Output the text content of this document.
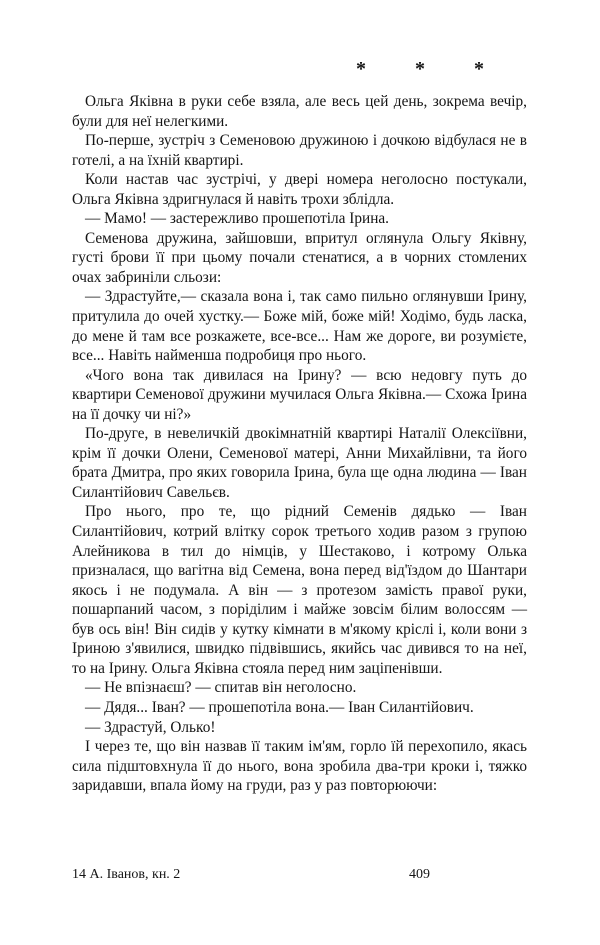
* * *

Ольга Яківна в руки себе взяла, але весь цей день, зокрема вечір, були для неї нелегкими.

По-перше, зустріч з Семеновою дружиною і дочкою відбулася не в готелі, а на їхній квартирі.

Коли настав час зустрічі, у двері номера неголосно постукали, Ольга Яківна здригнулася й навіть трохи зблідла.

— Мамо! — застережливо прошепотіла Ірина.

Семенова дружина, зайшовши, впритул оглянула Ольгу Яківну, густі брови її при цьому почали стенатися, а в чорних стомлених очах забриніли сльози:

— Здрастуйте,— сказала вона і, так само пильно оглянувши Ірину, притулила до очей хустку.— Боже мій, боже мій! Ходімо, будь ласка, до мене й там все розкажете, все-все... Нам же дороге, ви розумієте, все... Навіть найменша подробиця про нього.

«Чого вона так дивилася на Ірину? — всю недовгу путь до квартири Семенової дружини мучилася Ольга Яківна.— Схожа Ірина на її дочку чи ні?»

По-друге, в невеличкій двокімнатній квартирі Наталії Олексіївни, крім її дочки Олени, Семенової матері, Анни Михайлівни, та його брата Дмитра, про яких говорила Ірина, була ще одна людина — Іван Силантійович Савельєв.

Про нього, про те, що рідний Семенів дядько — Іван Силантійович, котрий влітку сорок третього ходив разом з групою Алейникова в тил до німців, у Шестаково, і котрому Олька призналася, що вагітна від Семена, вона перед від'їздом до Шантари якось і не подумала. А він — з протезом замість правої руки, пошарпаний часом, з порідiлим і майже зовсім білим волоссям — був ось він! Він сидів у кутку кімнати в м'якому кріслі і, коли вони з Іриною з'явилися, швидко підвівшись, якийсь час дивився то на неї, то на Ірину. Ольга Яківна стояла перед ним заціпенівши.

— Не впізнаєш? — спитав він неголосно.

— Дядя... Іван? — прошепотіла вона.— Іван Силантійович.

— Здрастуй, Олько!

І через те, що він назвав її таким ім'ям, горло їй перехопило, якась сила підштовхнула її до нього, вона зробила два-три кроки і, тяжко заридавши, впала йому на груди, раз у раз повторюючи:

14 А. Іванов, кн. 2	409
